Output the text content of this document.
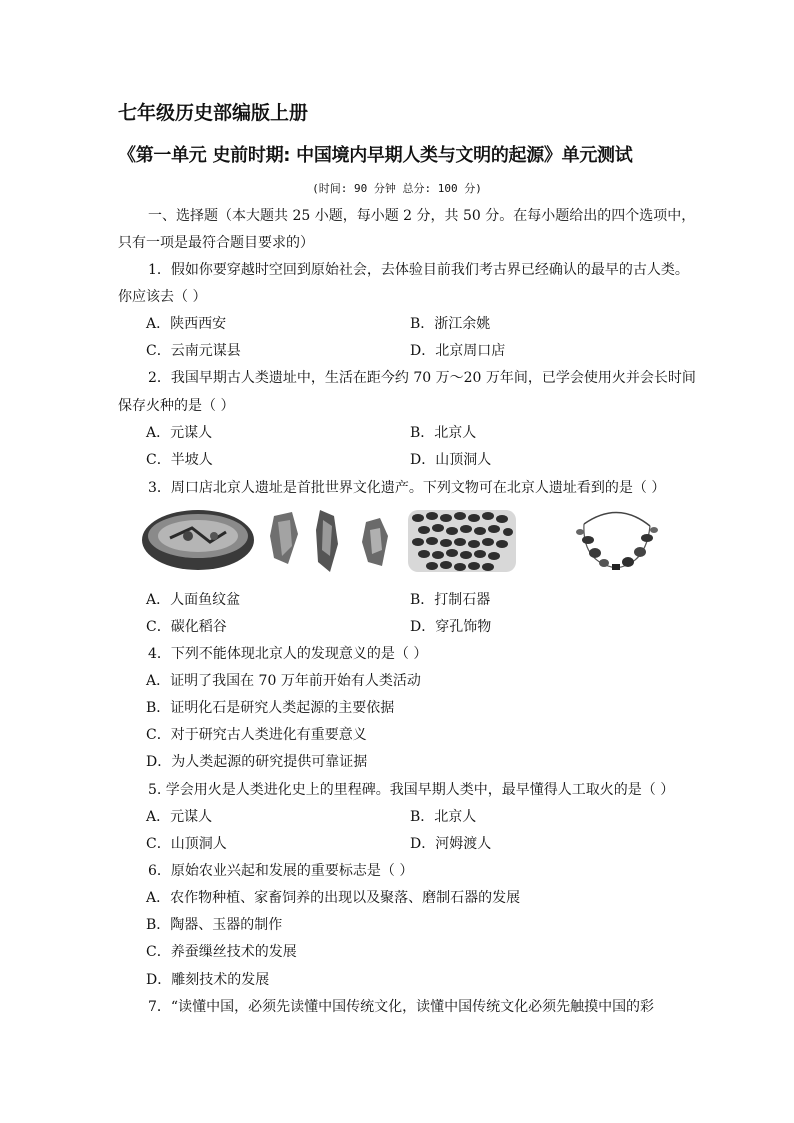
七年级历史部编版上册
《第一单元 史前时期: 中国境内早期人类与文明的起源》单元测试
(时间: 90 分钟 总分: 100 分)
一、选择题（本大题共 25 小题，每小题 2 分，共 50 分。在每小题给出的四个选项中，
只有一项是最符合题目要求的）
1．假如你要穿越时空回到原始社会，去体验目前我们考古界已经确认的最早的古人类。
你应该去（ ）
A．陕西西安	B．浙江余姚
C．云南元谋县	D．北京周口店
2．我国早期古人类遗址中，生活在距今约 70 万～20 万年间，已学会使用火并会长时间
保存火种的是（ ）
A．元谋人	B．北京人
C．半坡人	D．山顶洞人
3．周口店北京人遗址是首批世界文化遗产。下列文物可在北京人遗址看到的是（ ）
A．人面鱼纹盆	B．打制石器
C．碳化稻谷	D．穿孔饰物
4．下列不能体现北京人的发现意义的是（ ）
A．证明了我国在 70 万年前开始有人类活动
B．证明化石是研究人类起源的主要依据
C．对于研究古人类进化有重要意义
D．为人类起源的研究提供可靠证据
5. 学会用火是人类进化史上的里程碑。我国早期人类中，最早懂得人工取火的是（ ）
A．元谋人	B．北京人
C．山顶洞人	D．河姆渡人
6．原始农业兴起和发展的重要标志是（ ）
A．农作物种植、家畜饲养的出现以及聚落、磨制石器的发展
B．陶器、玉器的制作
C．养蚕缫丝技术的发展
D．雕刻技术的发展
7．“读懂中国，必须先读懂中国传统文化，读懂中国传统文化必须先触摸中国的彩
